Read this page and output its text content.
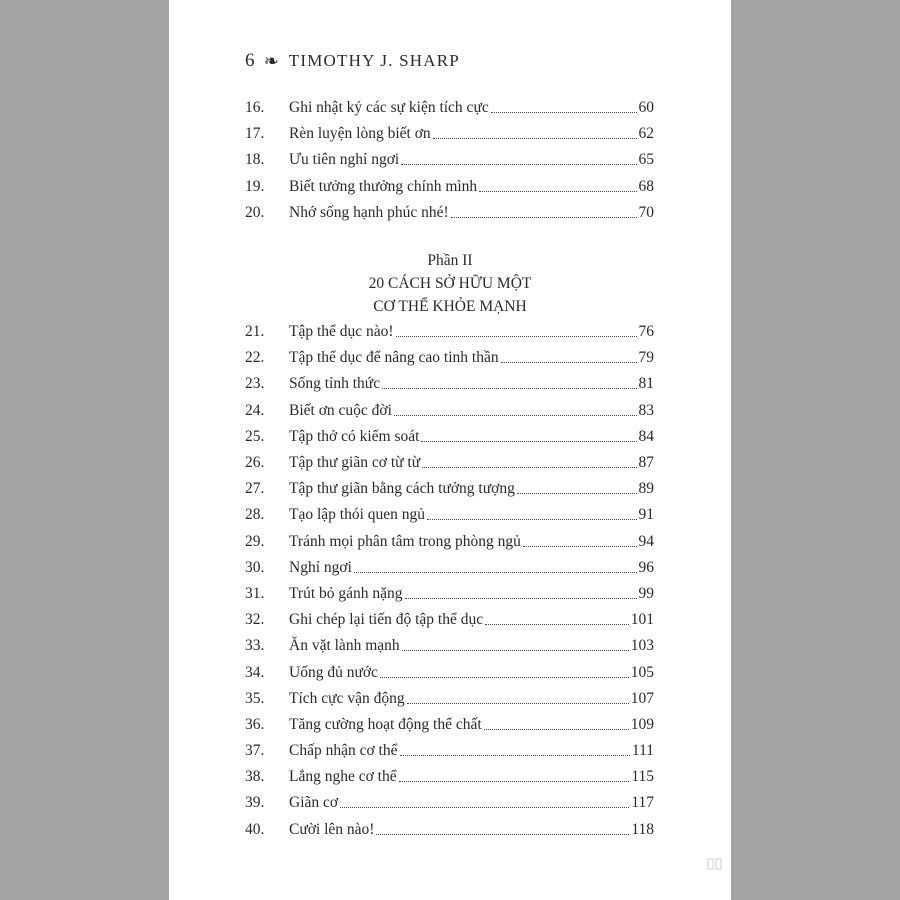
6 ❧ TIMOTHY J. SHARP
16.	Ghi nhật ký các sự kiện tích cực	60
17.	Rèn luyện lòng biết ơn	62
18.	Ưu tiên nghỉ ngơi	65
19.	Biết tưởng thưởng chính mình	68
20.	Nhớ sống hạnh phúc nhé!	70
Phần II
20 CÁCH SỞ HỮU MỘT
CƠ THỂ KHỎE MẠNH
21.	Tập thể dục nào!	76
22.	Tập thể dục để nâng cao tinh thần	79
23.	Sống tỉnh thức	81
24.	Biết ơn cuộc đời	83
25.	Tập thở có kiểm soát	84
26.	Tập thư giãn cơ từ từ	87
27.	Tập thư giãn bằng cách tưởng tượng	89
28.	Tạo lập thói quen ngủ	91
29.	Tránh mọi phân tâm trong phòng ngủ	94
30.	Nghỉ ngơi	96
31.	Trút bỏ gánh nặng	99
32.	Ghi chép lại tiến độ tập thể dục	101
33.	Ăn vặt lành mạnh	103
34.	Uống đủ nước	105
35.	Tích cực vận động	107
36.	Tăng cường hoạt động thể chất	109
37.	Chấp nhận cơ thể	111
38.	Lắng nghe cơ thể	115
39.	Giãn cơ	117
40.	Cười lên nào!	118
